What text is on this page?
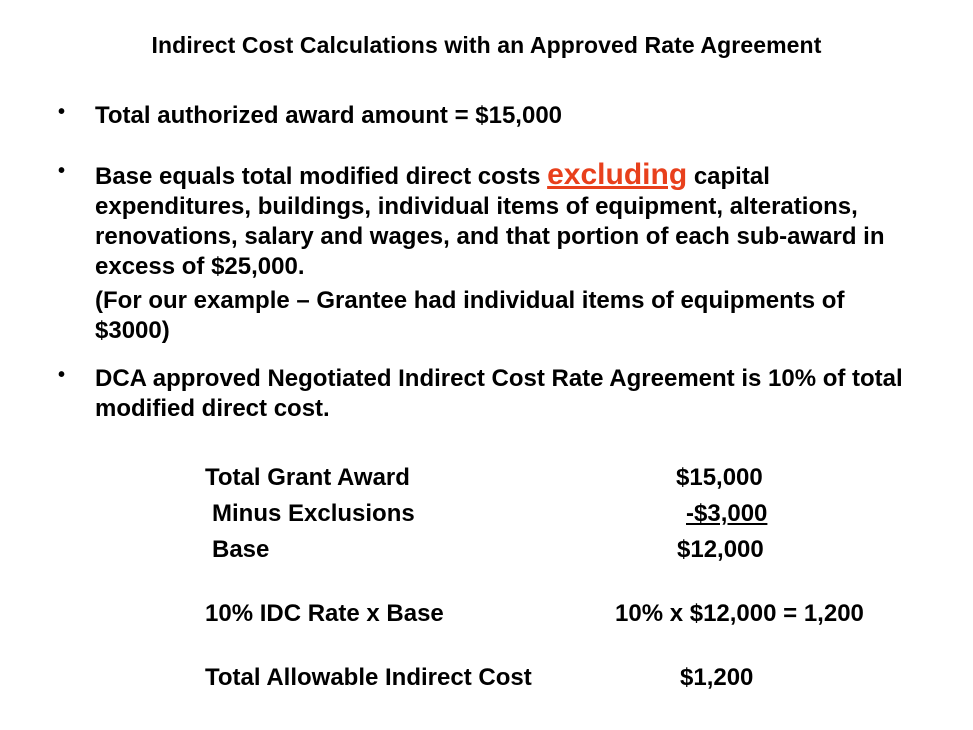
Indirect Cost Calculations with an Approved Rate Agreement
• Total authorized award amount = $15,000
• Base equals total modified direct costs excluding capital expenditures, buildings, individual items of equipment, alterations, renovations, salary and wages, and that portion of each sub-award in excess of $25,000.
(For our example – Grantee had individual items of equipments of $3000)
• DCA approved Negotiated Indirect Cost Rate Agreement is 10% of total modified direct cost.
Total Grant Award	$15,000
Minus Exclusions	-$3,000
Base	$12,000
10% IDC Rate x Base	10% x $12,000 = 1,200
Total Allowable Indirect Cost	$1,200
